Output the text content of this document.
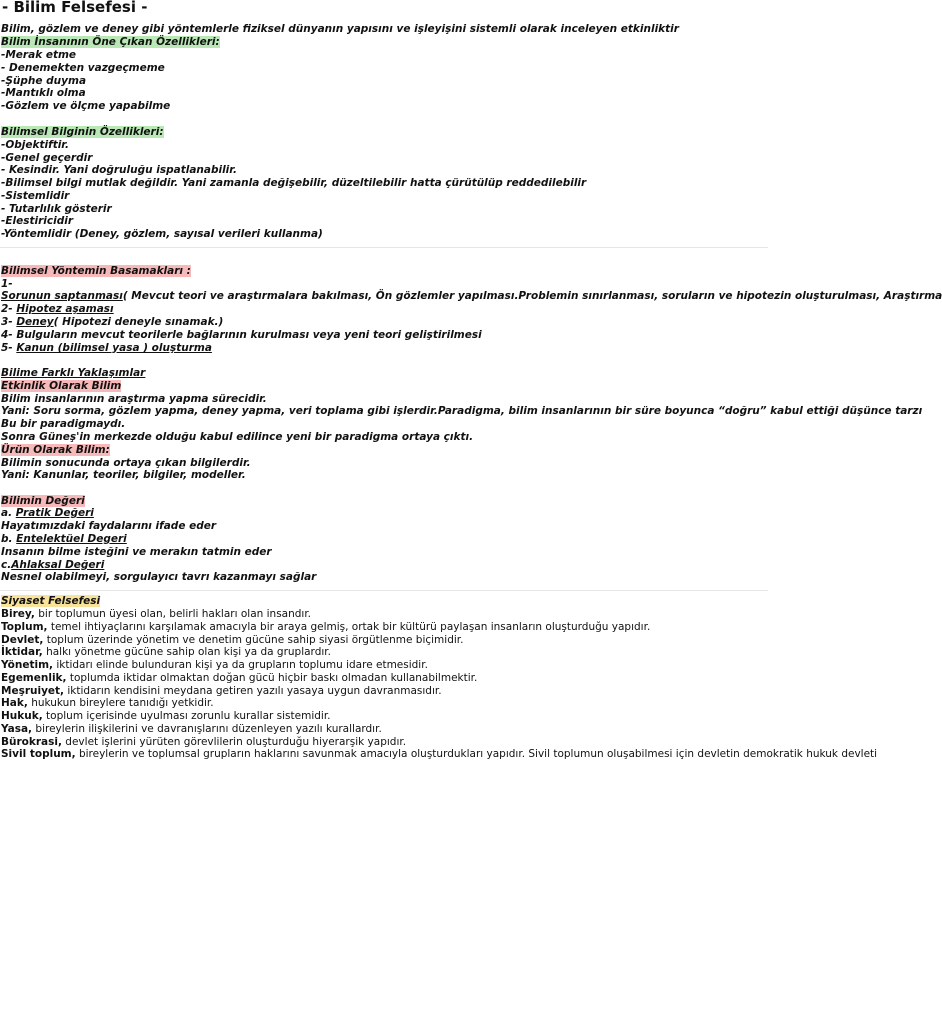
- Bilim Felsefesi -
Bilim, gözlem ve deney gibi yöntemlerle fiziksel dünyanın yapısını ve işleyişini sistemli olarak inceleyen etkinliktir
Bilim İnsanının Öne Çıkan Özellikleri:
-Merak etme
- Denemekten vazgeçmeme
-Şüphe duyma
-Mantıklı olma
-Gözlem ve ölçme yapabilme
Bilimsel Bilginin Özellikleri:
-Objektiftir.
-Genel geçerdir
- Kesindir. Yani doğruluğu ispatlanabilir.
-Bilimsel bilgi mutlak değildir. Yani zamanla değişebilir, düzeltilebilir hatta çürütülüp reddedilebilir
-Sistemlidir
- Tutarlılık gösterir
-Elestiricidir
-Yöntemlidir (Deney, gözlem, sayısal verileri kullanma)
Bilimsel Yöntemin Basamakları :
1-
Sorunun saptanması( Mevcut teori ve araştırmalara bakılması, Ön gözlemler yapılması.Problemin sınırlanması, soruların ve hipotezin oluşturulması, Araştırma
2- Hipotez aşaması
3- Deney( Hipotezi deneyle sınamak.)
4- Bulguların mevcut teorilerle bağlarının kurulması veya yeni teori geliştirilmesi
5- Kanun (bilimsel yasa ) oluşturma
Bilime Farklı Yaklaşımlar
Etkinlik Olarak Bilim
Bilim insanlarının araştırma yapma sürecidir.
Yani: Soru sorma, gözlem yapma, deney yapma, veri toplama gibi işlerdir.Paradigma, bilim insanlarının bir süre boyunca “doğru” kabul ettiği düşünce tarzı
Bu bir paradigmaydı.
Sonra Güneş'in merkezde olduğu kabul edilince yeni bir paradigma ortaya çıktı.
Ürün Olarak Bilim:
Bilimin sonucunda ortaya çıkan bilgilerdir.
Yani: Kanunlar, teoriler, bilgiler, modeller.
Bilimin Değeri
a. Pratik Değeri
Hayatımızdaki faydalarını ifade eder
b. Entelektüel Degeri
Insanın bilme isteğini ve merakın tatmin eder
c.Ahlaksal Değeri
Nesnel olabilmeyi, sorgulayıcı tavrı kazanmayı sağlar
Siyaset Felsefesi
Birey, bir toplumun üyesi olan, belirli hakları olan insandır.
Toplum, temel ihtiyaçlarını karşılamak amacıyla bir araya gelmiş, ortak bir kültürü paylaşan insanların oluşturduğu yapıdır.
Devlet, toplum üzerinde yönetim ve denetim gücüne sahip siyasi örgütlenme biçimidir.
İktidar, halkı yönetme gücüne sahip olan kişi ya da gruplardır.
Yönetim, iktidarı elinde bulunduran kişi ya da grupların toplumu idare etmesidir.
Egemenlik, toplumda iktidar olmaktan doğan gücü hiçbir baskı olmadan kullanabilmektir.
Meşruiyet, iktidarın kendisini meydana getiren yazılı yasaya uygun davranmasıdır.
Hak, hukukun bireylere tanıdığı yetkidir.
Hukuk, toplum içerisinde uyulması zorunlu kurallar sistemidir.
Yasa, bireylerin ilişkilerini ve davranışlarını düzenleyen yazılı kurallardır.
Bürokrasi, devlet işlerini yürüten görevlilerin oluşturduğu hiyerarşik yapıdır.
Sivil toplum, bireylerin ve toplumsal grupların haklarını savunmak amacıyla oluşturdukları yapıdır. Sivil toplumun oluşabilmesi için devletin demokratik hukuk devleti
